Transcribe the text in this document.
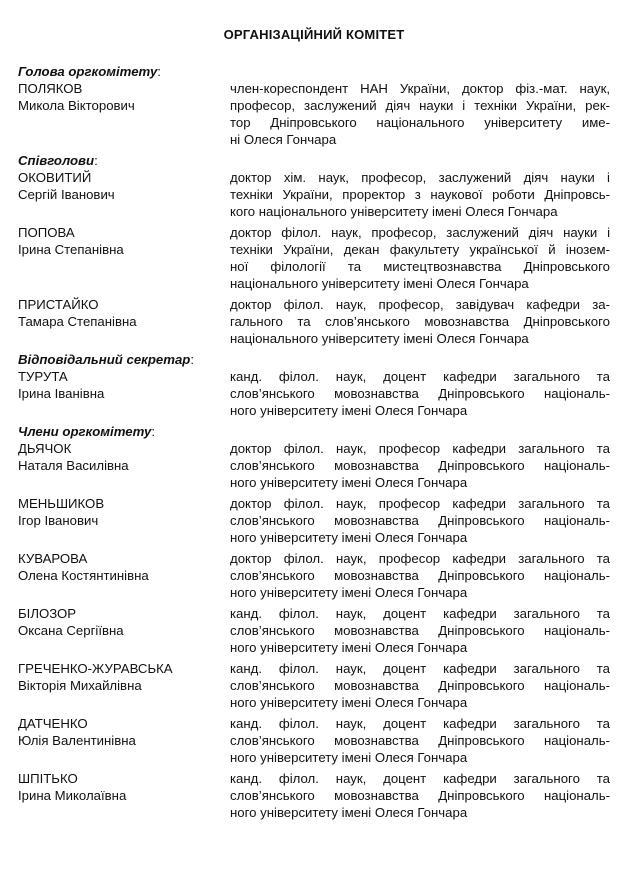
ОРГАНІЗАЦІЙНИЙ КОМІТЕТ
Голова оргкомітету:
ПОЛЯКОВ
Микола Вікторович
член-кореспондент НАН України, доктор фіз.-мат. наук,
професор, заслужений діяч науки і техніки України, рек-
тор Дніпровського національного університету име-
ні Олеся Гончара
Співголови:
ОКОВИТИЙ
Сергій Іванович
доктор хім. наук, професор, заслужений діяч науки і
техніки України, проректор з наукової роботи Дніпровсь-
кого національного університету імені Олеся Гончара
ПОПОВА
Ірина Степанівна
доктор філол. наук, професор, заслужений діяч науки і
техніки України, декан факультету української й інозем-
ної філології та мистецтвознавства Дніпровського
національного університету імені Олеся Гончара
ПРИСТАЙКО
Тамара Степанівна
доктор філол. наук, професор, завідувач кафедри за-
гального та слов’янського мовознавства Дніпровського
національного університету імені Олеся Гончара
Відповідальний секретар:
ТУРУТА
Ірина Іванівна
канд. філол. наук, доцент кафедри загального та
слов’янського мовознавства Дніпровського національ-
ного університету імені Олеся Гончара
Члени оргкомітету:
ДЬЯЧОК
Наталя Василівна
доктор філол. наук, професор кафедри загального та
слов’янського мовознавства Дніпровського національ-
ного університету імені Олеся Гончара
МЕНЬШИКОВ
Ігор Іванович
доктор філол. наук, професор кафедри загального та
слов’янського мовознавства Дніпровського національ-
ного університету імені Олеся Гончара
КУВАРОВА
Олена Костянтинівна
доктор філол. наук, професор кафедри загального та
слов’янського мовознавства Дніпровського національ-
ного університету імені Олеся Гончара
БІЛОЗОР
Оксана Сергіївна
канд. філол. наук, доцент кафедри загального та
слов’янського мовознавства Дніпровського національ-
ного університету імені Олеся Гончара
ГРЕЧЕНКО-ЖУРАВСЬКА
Вікторія Михайлівна
канд. філол. наук, доцент кафедри загального та
слов’янського мовознавства Дніпровського національ-
ного університету імені Олеся Гончара
ДАТЧЕНКО
Юлія Валентинівна
канд. філол. наук, доцент кафедри загального та
слов’янського мовознавства Дніпровського національ-
ного університету імені Олеся Гончара
ШПІТЬКО
Ірина Миколаївна
канд. філол. наук, доцент кафедри загального та
слов’янського мовознавства Дніпровського національ-
ного університету імені Олеся Гончара
